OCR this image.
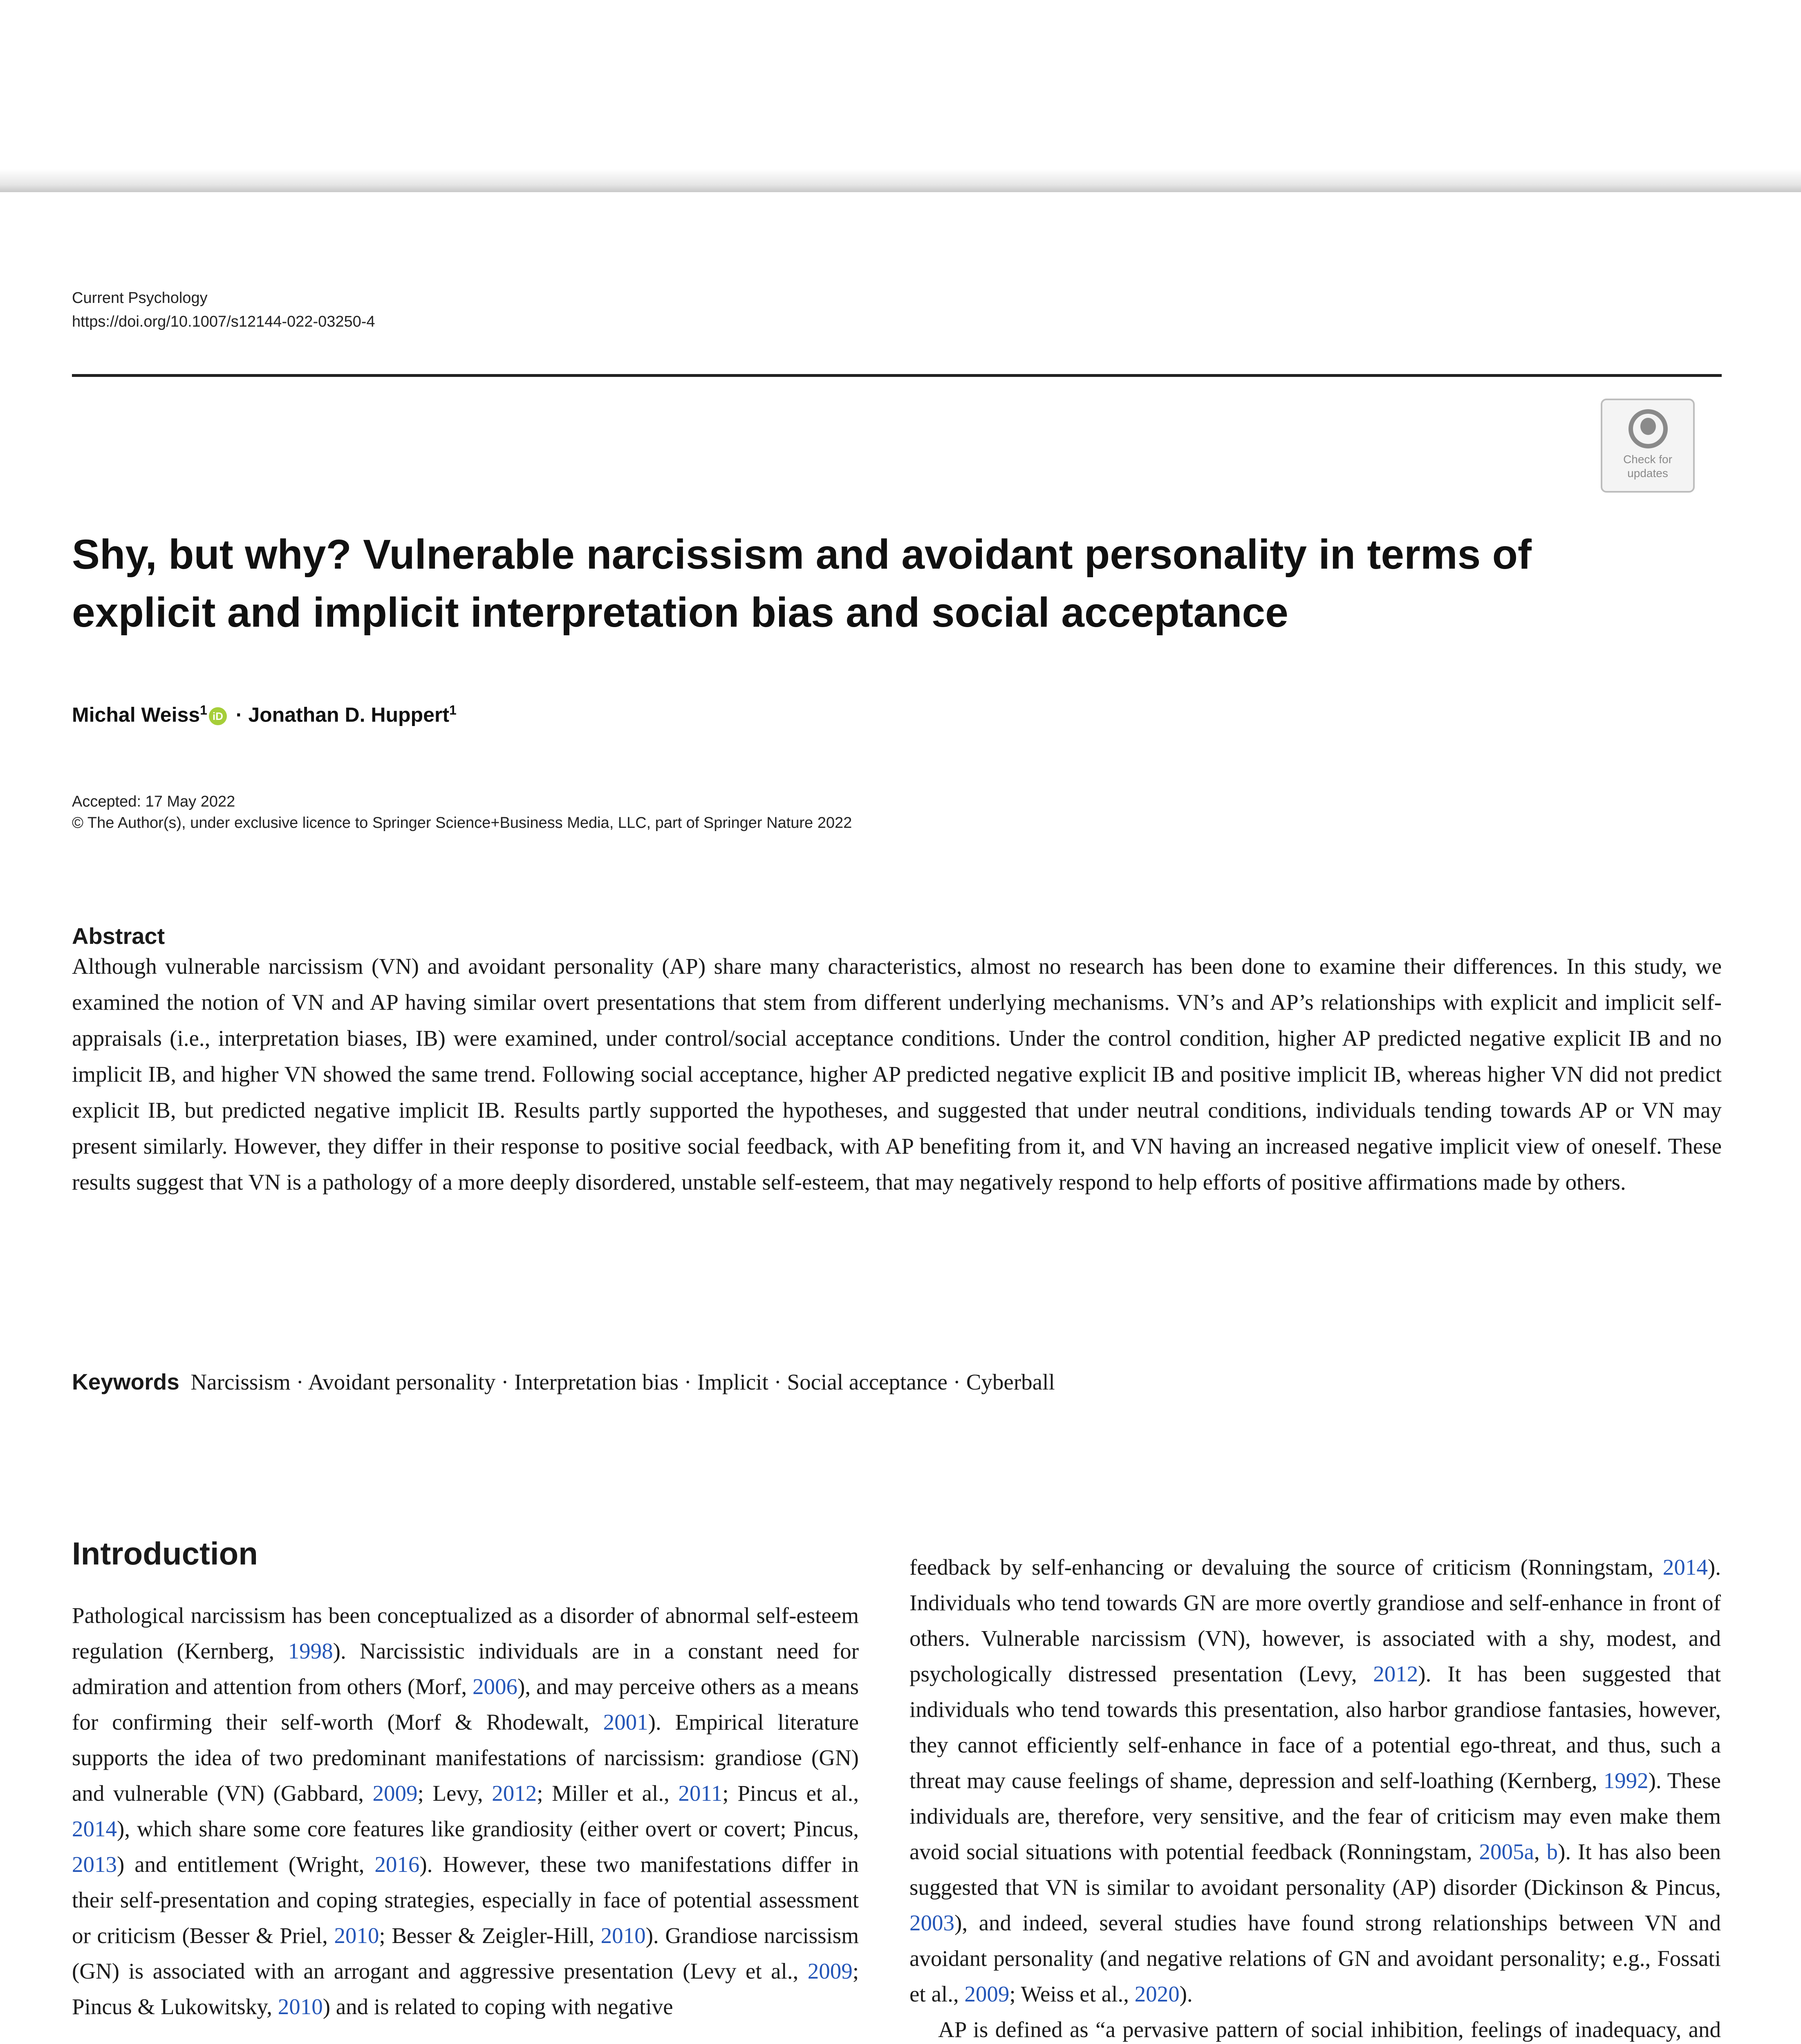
Current Psychology
https://doi.org/10.1007/s12144-022-03250-4
Check for
updates
Shy, but why? Vulnerable narcissism and avoidant personality in terms of explicit and implicit interpretation bias and social acceptance
Michal Weiss$^1$ iD · Jonathan D. Huppert$^1$
Accepted: 17 May 2022
© The Author(s), under exclusive licence to Springer Science+Business Media, LLC, part of Springer Nature 2022
Abstract
Although vulnerable narcissism (VN) and avoidant personality (AP) share many characteristics, almost no research has been done to examine their differences. In this study, we examined the notion of VN and AP having similar overt presentations that stem from different underlying mechanisms. VN’s and AP’s relationships with explicit and implicit self-appraisals (i.e., interpretation biases, IB) were examined, under control/social acceptance conditions. Under the control condition, higher AP predicted negative explicit IB and no implicit IB, and higher VN showed the same trend. Following social acceptance, higher AP predicted negative explicit IB and positive implicit IB, whereas higher VN did not predict explicit IB, but predicted negative implicit IB. Results partly supported the hypotheses, and suggested that under neutral conditions, individuals tending towards AP or VN may present similarly. However, they differ in their response to positive social feedback, with AP benefiting from it, and VN having an increased negative implicit view of oneself. These results suggest that VN is a pathology of a more deeply disordered, unstable self-esteem, that may negatively respond to help efforts of positive affirmations made by others.
Keywords Narcissism · Avoidant personality · Interpretation bias · Implicit · Social acceptance · Cyberball
Introduction

Pathological narcissism has been conceptualized as a disorder of abnormal self-esteem regulation (Kernberg, 1998). Narcissistic individuals are in a constant need for admiration and attention from others (Morf, 2006), and may perceive others as a means for confirming their self-worth (Morf & Rhodewalt, 2001). Empirical literature supports the idea of two predominant manifestations of narcissism: grandiose (GN) and vulnerable (VN) (Gabbard, 2009; Levy, 2012; Miller et al., 2011; Pincus et al., 2014), which share some core features like grandiosity (either overt or covert; Pincus, 2013) and entitlement (Wright, 2016). However, these two manifestations differ in their self-presentation and coping strategies, especially in face of potential assessment or criticism (Besser & Priel, 2010; Besser & Zeigler-Hill, 2010). Grandiose narcissism (GN) is associated with an arrogant and aggressive presentation (Levy et al., 2009; Pincus & Lukowitsky, 2010) and is related to coping with negative

feedback by self-enhancing or devaluing the source of criticism (Ronningstam, 2014). Individuals who tend towards GN are more overtly grandiose and self-enhance in front of others. Vulnerable narcissism (VN), however, is associated with a shy, modest, and psychologically distressed presentation (Levy, 2012). It has been suggested that individuals who tend towards this presentation, also harbor grandiose fantasies, however, they cannot efficiently self-enhance in face of a potential ego-threat, and thus, such a threat may cause feelings of shame, depression and self-loathing (Kernberg, 1992). These individuals are, therefore, very sensitive, and the fear of criticism may even make them avoid social situations with potential feedback (Ronningstam, 2005a, b). It has also been suggested that VN is similar to avoidant personality (AP) disorder (Dickinson & Pincus, 2003), and indeed, several studies have found strong relationships between VN and avoidant personality (and negative relations of GN and avoidant personality; e.g., Fossati et al., 2009; Weiss et al., 2020).

AP is defined as “a pervasive pattern of social inhibition, feelings of inadequacy, and
